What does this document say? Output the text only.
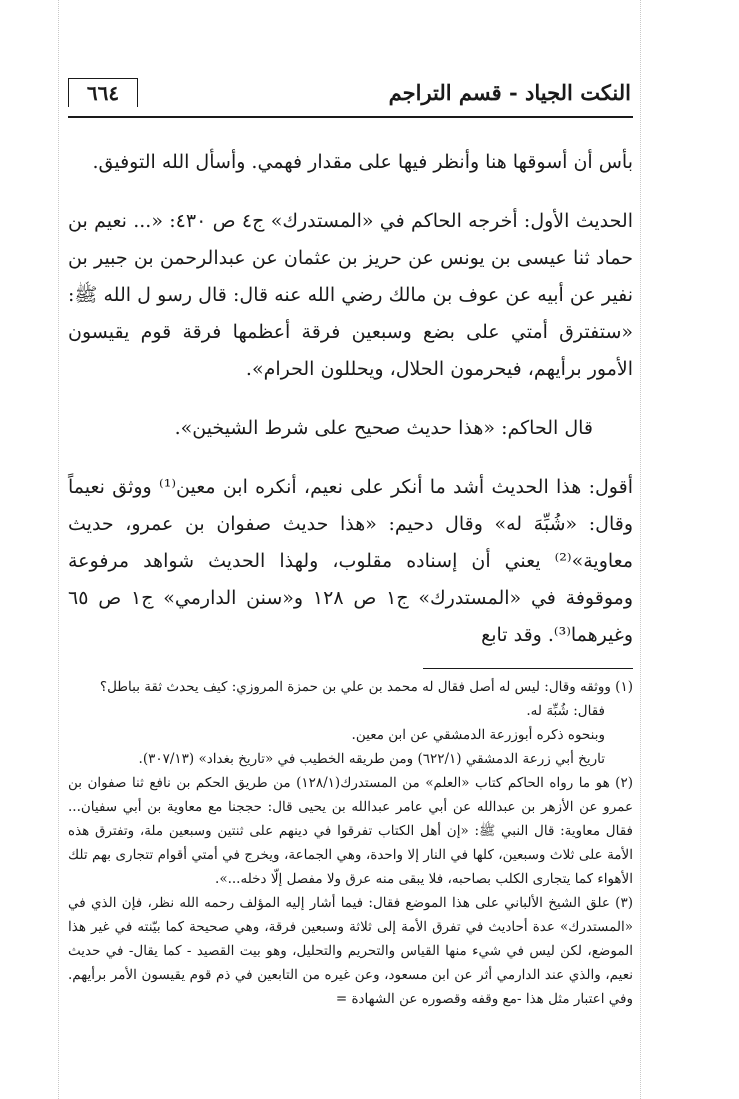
النكت الجياد - قسم التراجم
٦٦٤

بأس أن أسوقها هنا وأنظر فيها على مقدار فهمي. وأسأل الله التوفيق.

الحديث الأول: أخرجه الحاكم في «المستدرك» ج٤ ص ٤٣٠: «... نعيم بن حماد ثنا عيسى بن يونس عن حريز بن عثمان عن عبدالرحمن بن جبير بن نفير عن أبيه عن عوف بن مالك رضي الله عنه قال: قال رسو ل الله ﷺ: «ستفترق أمتي على بضع وسبعين فرقة أعظمها فرقة قوم يقيسون الأمور برأيهم، فيحرمون الحلال، ويحللون الحرام».

قال الحاكم: «هذا حديث صحيح على شرط الشيخين».

أقول: هذا الحديث أشد ما أنكر على نعيم، أنكره ابن معين⁽¹⁾ ووثق نعيماً وقال: «شُبِّهَ له» وقال دحيم: «هذا حديث صفوان بن عمرو، حديث معاوية»⁽²⁾ يعني أن إسناده مقلوب، ولهذا الحديث شواهد مرفوعة وموقوفة في «المستدرك» ج١ ص ١٢٨ و«سنن الدارمي» ج١ ص ٦٥ وغيرهما⁽³⁾. وقد تابع

(١) ووثقه وقال: ليس له أصل فقال له محمد بن علي بن حمزة المروزي: كيف يحدث ثقة بباطل؟

فقال: شُبِّهَ له.

وبنحوه ذكره أبوزرعة الدمشقي عن ابن معين.

تاريخ أبي زرعة الدمشقي (٦٢٢/١) ومن طريقه الخطيب في «تاريخ بغداد» (٣٠٧/١٣).

(٢) هو ما رواه الحاكم كتاب «العلم» من المستدرك(١٢٨/١) من طريق الحكم بن نافع ثنا صفوان بن عمرو عن الأزهر بن عبدالله عن أبي عامر عبدالله بن يحيى قال: حججنا مع معاوية بن أبي سفيان... فقال معاوية: قال النبي ﷺ: «إن أهل الكتاب تفرقوا في دينهم على ثنتين وسبعين ملة، وتفترق هذه الأمة على ثلاث وسبعين، كلها في النار إلا واحدة، وهي الجماعة، ويخرج في أمتي أقوام تتجارى بهم تلك الأهواء كما يتجارى الكلب بصاحبه، فلا يبقى منه عرق ولا مفصل إلّا دخله...».

(٣) علق الشيخ الألباني على هذا الموضع فقال: فيما أشار إليه المؤلف رحمه الله نظر، فإن الذي في «المستدرك» عدة أحاديث في تفرق الأمة إلى ثلاثة وسبعين فرقة، وهي صحيحة كما بيّنته في غير هذا الموضع، لكن ليس في شيء منها القياس والتحريم والتحليل، وهو بيت القصيد - كما يقال- في حديث نعيم، والذي عند الدارمي أثر عن ابن مسعود، وعن غيره من التابعين في ذم قوم يقيسون الأمر برأيهم. وفي اعتبار مثل هذا -مع وقفه وقصوره عن الشهادة =
